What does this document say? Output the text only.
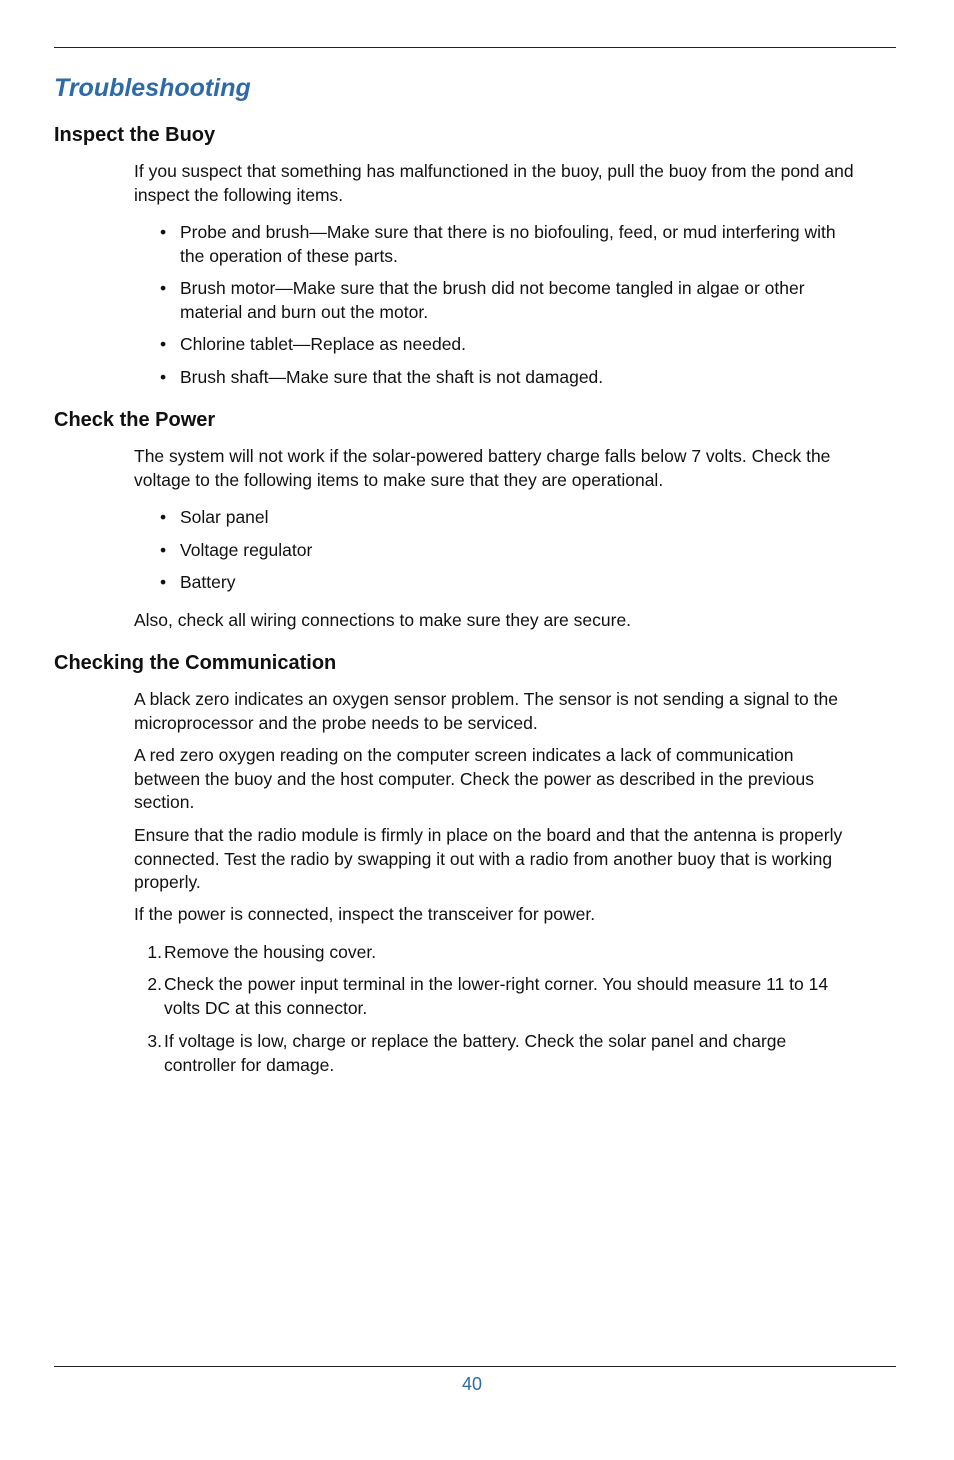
Troubleshooting
Inspect the Buoy

If you suspect that something has malfunctioned in the buoy, pull the buoy from the pond and inspect the following items.

• Probe and brush—Make sure that there is no biofouling, feed, or mud interfering with the operation of these parts.
• Brush motor—Make sure that the brush did not become tangled in algae or other material and burn out the motor.
• Chlorine tablet—Replace as needed.
• Brush shaft—Make sure that the shaft is not damaged.
Check the Power

The system will not work if the solar-powered battery charge falls below 7 volts. Check the voltage to the following items to make sure that they are operational.

• Solar panel
• Voltage regulator
• Battery

Also, check all wiring connections to make sure they are secure.

Checking the Communication

A black zero indicates an oxygen sensor problem. The sensor is not sending a signal to the microprocessor and the probe needs to be serviced.

A red zero oxygen reading on the computer screen indicates a lack of communication between the buoy and the host computer. Check the power as described in the previous section.

Ensure that the radio module is firmly in place on the board and that the antenna is properly connected. Test the radio by swapping it out with a radio from another buoy that is working properly.

If the power is connected, inspect the transceiver for power.

1. Remove the housing cover.
2. Check the power input terminal in the lower-right corner. You should measure 11 to 14 volts DC at this connector.
3. If voltage is low, charge or replace the battery. Check the solar panel and charge controller for damage.
40
